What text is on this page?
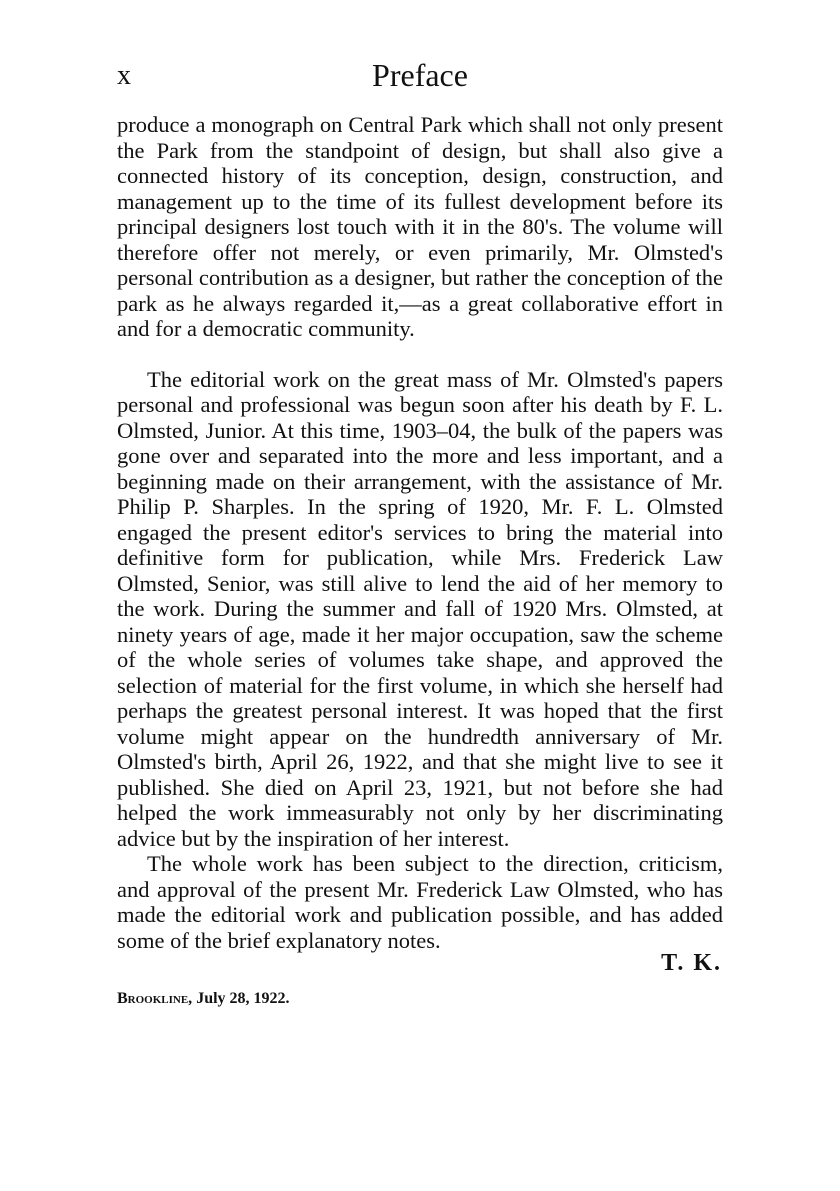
x	Preface

produce a monograph on Central Park which shall not only present the Park from the standpoint of design, but shall also give a connected history of its conception, design, construction, and management up to the time of its fullest development before its principal designers lost touch with it in the 80's. The volume will therefore offer not merely, or even primarily, Mr. Olmsted's personal contribution as a designer, but rather the conception of the park as he always regarded it,—as a great collaborative effort in and for a democratic community.

The editorial work on the great mass of Mr. Olmsted's papers personal and professional was begun soon after his death by F. L. Olmsted, Junior. At this time, 1903–04, the bulk of the papers was gone over and separated into the more and less important, and a beginning made on their arrangement, with the assistance of Mr. Philip P. Sharples. In the spring of 1920, Mr. F. L. Olmsted engaged the present editor's services to bring the material into definitive form for publication, while Mrs. Frederick Law Olmsted, Senior, was still alive to lend the aid of her memory to the work. During the summer and fall of 1920 Mrs. Olmsted, at ninety years of age, made it her major occupation, saw the scheme of the whole series of volumes take shape, and approved the selection of material for the first volume, in which she herself had perhaps the greatest personal interest. It was hoped that the first volume might appear on the hundredth anniversary of Mr. Olmsted's birth, April 26, 1922, and that she might live to see it published. She died on April 23, 1921, but not before she had helped the work immeasurably not only by her discriminating advice but by the inspiration of her interest.

The whole work has been subject to the direction, criticism, and approval of the present Mr. Frederick Law Olmsted, who has made the editorial work and publication possible, and has added some of the brief explanatory notes.

T. K.
Brookline, July 28, 1922.
